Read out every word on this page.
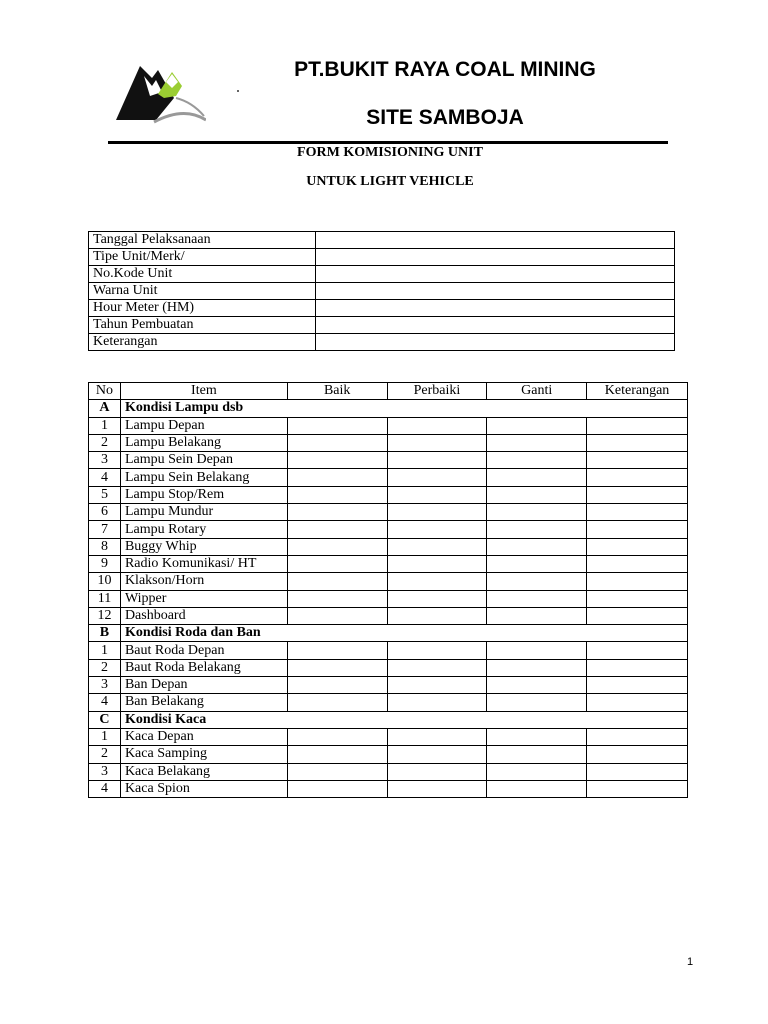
PT.BUKIT RAYA COAL MINING
SITE SAMBOJA
FORM KOMISIONING UNIT
UNTUK LIGHT VEHICLE
Tanggal Pelaksanaan	
Tipe Unit/Merk/	
No.Kode Unit	
Warna Unit	
Hour Meter (HM)	
Tahun Pembuatan	
Keterangan	
No	Item	Baik	Perbaiki	Ganti	Keterangan
A	Kondisi Lampu dsb				
1	Lampu Depan				
2	Lampu Belakang				
3	Lampu Sein Depan				
4	Lampu Sein Belakang				
5	Lampu Stop/Rem				
6	Lampu Mundur				
7	Lampu Rotary				
8	Buggy Whip				
9	Radio Komunikasi/ HT				
10	Klakson/Horn				
11	Wipper				
12	Dashboard				
B	Kondisi Roda dan Ban				
1	Baut Roda Depan				
2	Baut Roda Belakang				
3	Ban Depan				
4	Ban Belakang				
C	Kondisi Kaca				
1	Kaca Depan				
2	Kaca Samping				
3	Kaca Belakang				
4	Kaca Spion				
1
